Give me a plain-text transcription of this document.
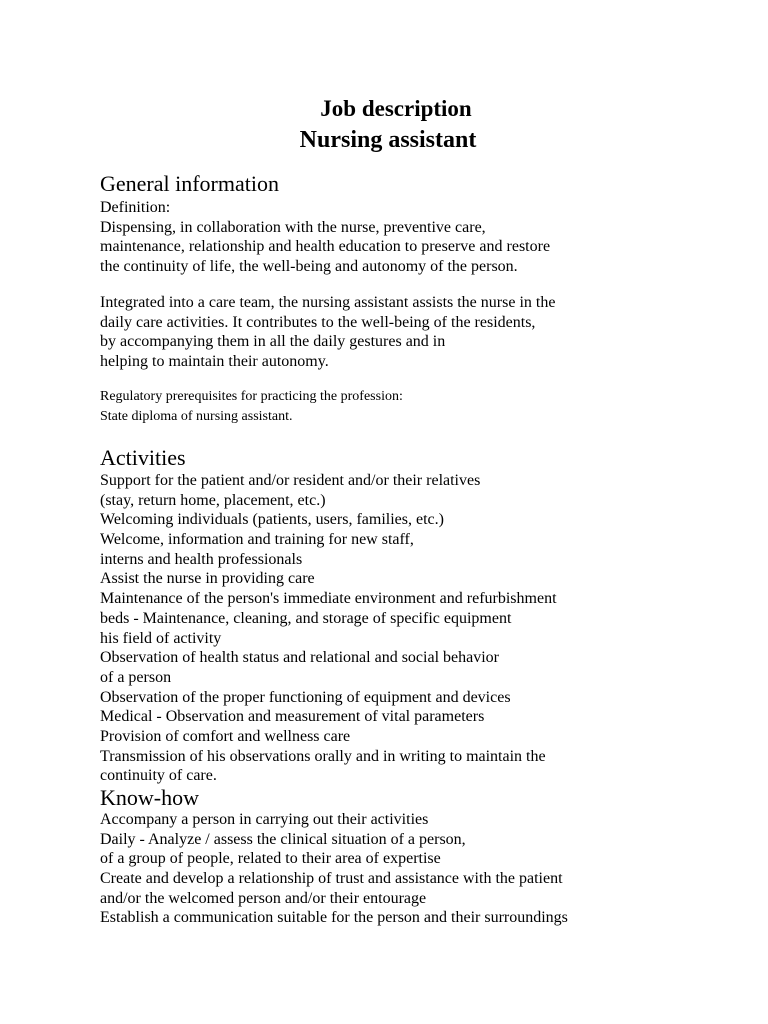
Job description
Nursing assistant
General information
Definition:
Dispensing, in collaboration with the nurse, preventive care,
maintenance, relationship and health education to preserve and restore
the continuity of life, the well-being and autonomy of the person.
Integrated into a care team, the nursing assistant assists the nurse in the
daily care activities. It contributes to the well-being of the residents,
by accompanying them in all the daily gestures and in
helping to maintain their autonomy.
Regulatory prerequisites for practicing the profession:
State diploma of nursing assistant.
Activities
Support for the patient and/or resident and/or their relatives
(stay, return home, placement, etc.)
Welcoming individuals (patients, users, families, etc.)
Welcome, information and training for new staff,
interns and health professionals
Assist the nurse in providing care
Maintenance of the person's immediate environment and refurbishment
beds - Maintenance, cleaning, and storage of specific equipment
his field of activity
Observation of health status and relational and social behavior
of a person
Observation of the proper functioning of equipment and devices
Medical - Observation and measurement of vital parameters
Provision of comfort and wellness care
Transmission of his observations orally and in writing to maintain the
continuity of care.
Know-how
Accompany a person in carrying out their activities
Daily - Analyze / assess the clinical situation of a person,
of a group of people, related to their area of expertise
Create and develop a relationship of trust and assistance with the patient
and/or the welcomed person and/or their entourage
Establish a communication suitable for the person and their surroundings
